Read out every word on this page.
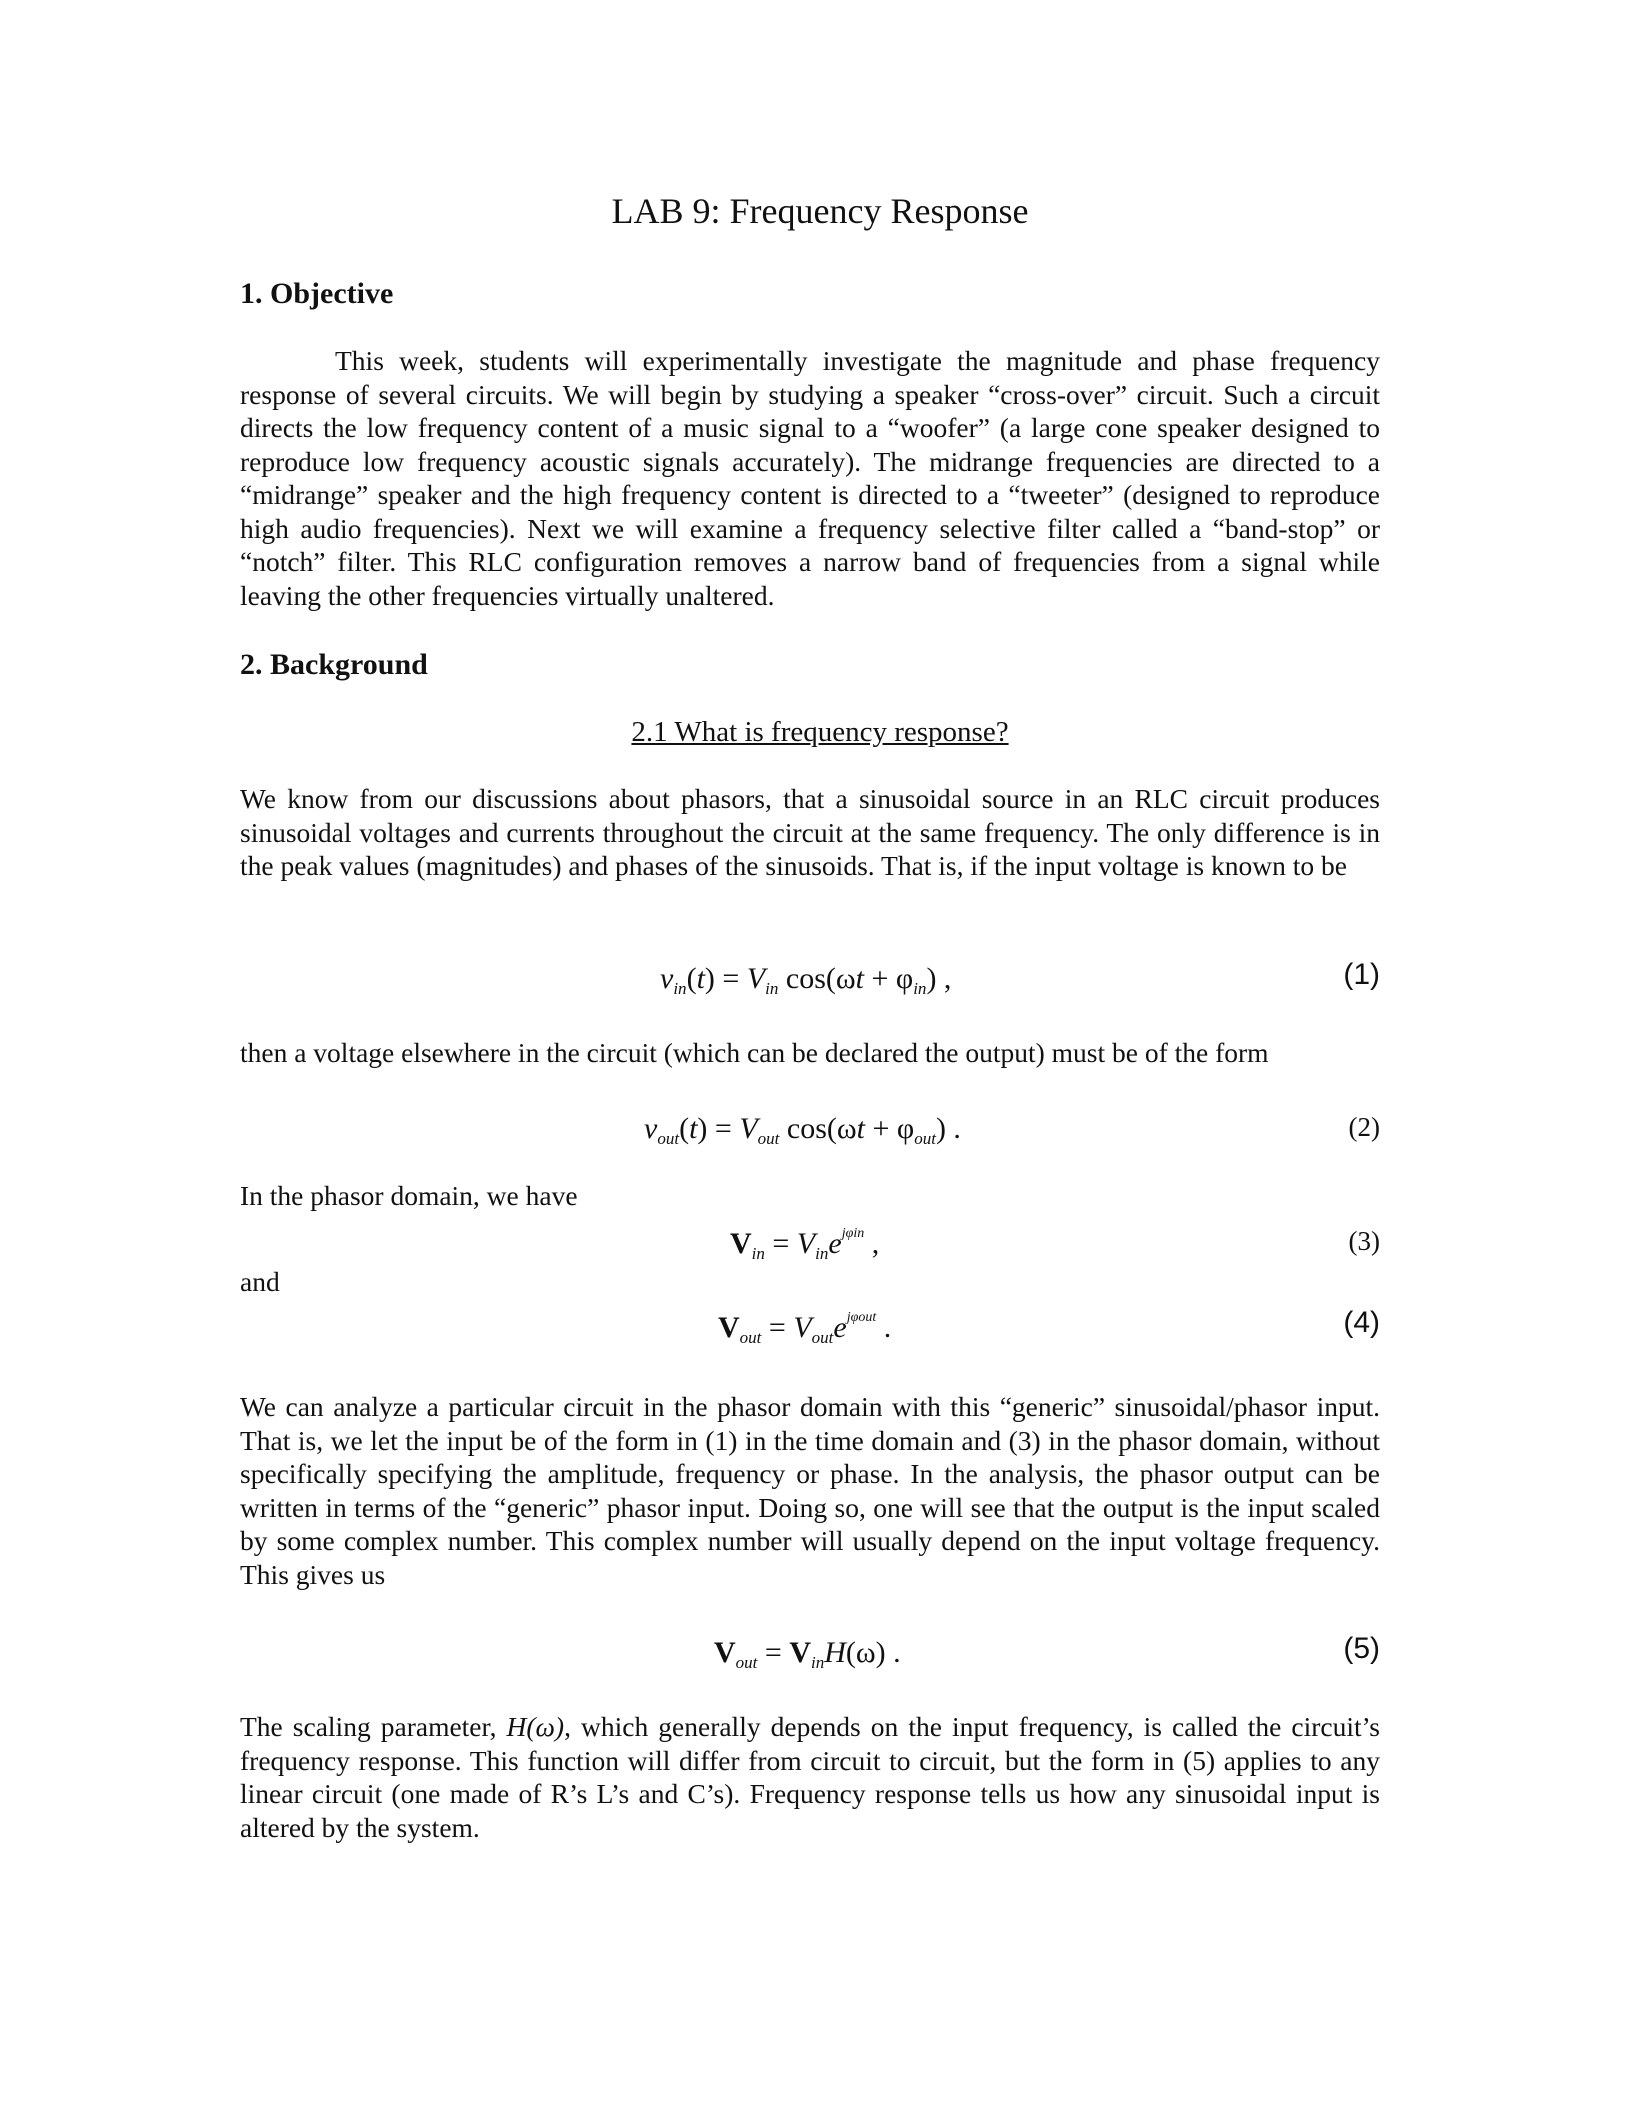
LAB 9: Frequency Response
1. Objective
This week, students will experimentally investigate the magnitude and phase frequency response of several circuits. We will begin by studying a speaker “cross-over” circuit. Such a circuit directs the low frequency content of a music signal to a “woofer” (a large cone speaker designed to reproduce low frequency acoustic signals accurately). The midrange frequencies are directed to a “midrange” speaker and the high frequency content is directed to a “tweeter” (designed to reproduce high audio frequencies). Next we will examine a frequency selective filter called a “band-stop” or “notch” filter. This RLC configuration removes a narrow band of frequencies from a signal while leaving the other frequencies virtually unaltered.
2. Background
2.1 What is frequency response?
We know from our discussions about phasors, that a sinusoidal source in an RLC circuit produces sinusoidal voltages and currents throughout the circuit at the same frequency. The only difference is in the peak values (magnitudes) and phases of the sinusoids. That is, if the input voltage is known to be
$v_{in}(t) = V_{in}$ $\cos(\omega t + \varphi_{in})$ ,	(1)
then a voltage elsewhere in the circuit (which can be declared the output) must be of the form
$v_{out}(t) = V_{out}$ $\cos(\omega t + \varphi_{out})$ .	(2)
In the phasor domain, we have
$V_{in} = V_{in}e^{j\varphi in}$ ,	(3)
and
$V_{out} = V_{out}e^{j\varphi out}$ .	(4)
We can analyze a particular circuit in the phasor domain with this “generic” sinusoidal/phasor input. That is, we let the input be of the form in (1) in the time domain and (3) in the phasor domain, without specifically specifying the amplitude, frequency or phase. In the analysis, the phasor output can be written in terms of the “generic” phasor input. Doing so, one will see that the output is the input scaled by some complex number. This complex number will usually depend on the input voltage frequency. This gives us
$V_{out} = V_{in}H(\omega)$ .	(5)
The scaling parameter, H(ω), which generally depends on the input frequency, is called the circuit’s frequency response. This function will differ from circuit to circuit, but the form in (5) applies to any linear circuit (one made of R’s L’s and C’s). Frequency response tells us how any sinusoidal input is altered by the system.
